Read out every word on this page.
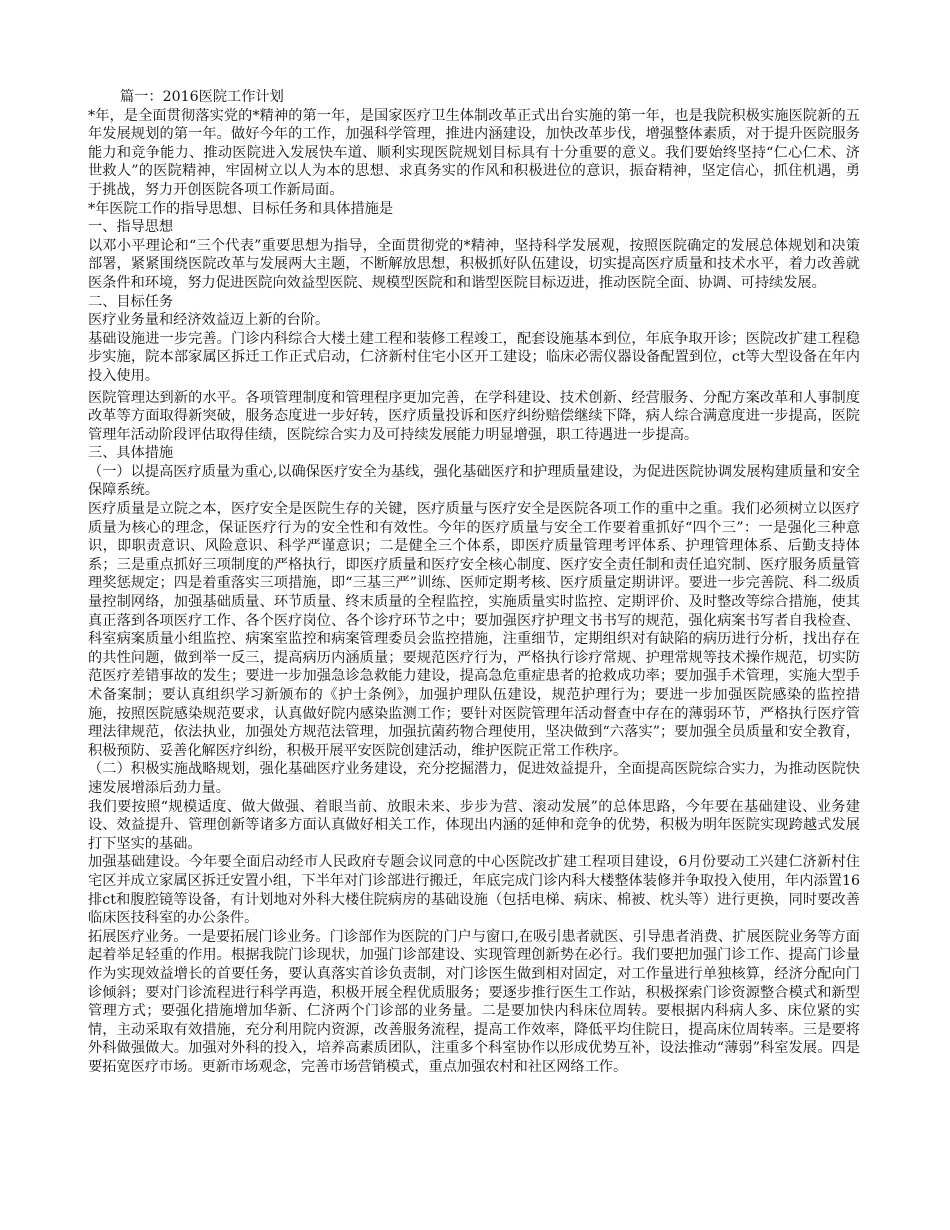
篇一：2016医院工作计划

*年，是全面贯彻落实党的*精神的第一年，是国家医疗卫生体制改革正式出台实施的第一年，也是我院积极实施医院新的五年发展规划的第一年。做好今年的工作，加强科学管理，推进内涵建设，加快改革步伐，增强整体素质，对于提升医院服务能力和竞争能力、推动医院进入发展快车道、顺利实现医院规划目标具有十分重要的意义。我们要始终坚持“仁心仁术、济世救人”的医院精神，牢固树立以人为本的思想、求真务实的作风和积极进位的意识，振奋精神，坚定信心，抓住机遇，勇于挑战，努力开创医院各项工作新局面。

*年医院工作的指导思想、目标任务和具体措施是

一、指导思想

以邓小平理论和“三个代表”重要思想为指导，全面贯彻党的*精神，坚持科学发展观，按照医院确定的发展总体规划和决策部署，紧紧围绕医院改革与发展两大主题，不断解放思想，积极抓好队伍建设，切实提高医疗质量和技术水平，着力改善就医条件和环境，努力促进医院向效益型医院、规模型医院和和谐型医院目标迈进，推动医院全面、协调、可持续发展。

二、目标任务

医疗业务量和经济效益迈上新的台阶。

基础设施进一步完善。门诊内科综合大楼土建工程和装修工程竣工，配套设施基本到位，年底争取开诊；医院改扩建工程稳步实施，院本部家属区拆迁工作正式启动，仁济新村住宅小区开工建设；临床必需仪器设备配置到位，ct等大型设备在年内投入使用。

医院管理达到新的水平。各项管理制度和管理程序更加完善，在学科建设、技术创新、经营服务、分配方案改革和人事制度改革等方面取得新突破，服务态度进一步好转，医疗质量投诉和医疗纠纷赔偿继续下降，病人综合满意度进一步提高，医院管理年活动阶段评估取得佳绩，医院综合实力及可持续发展能力明显增强，职工待遇进一步提高。

三、具体措施

（一）以提高医疗质量为重心,以确保医疗安全为基线，强化基础医疗和护理质量建设，为促进医院协调发展构建质量和安全保障系统。

医疗质量是立院之本，医疗安全是医院生存的关键，医疗质量与医疗安全是医院各项工作的重中之重。我们必须树立以医疗质量为核心的理念，保证医疗行为的安全性和有效性。今年的医疗质量与安全工作要着重抓好“四个三”：一是强化三种意识，即职责意识、风险意识、科学严谨意识；二是健全三个体系，即医疗质量管理考评体系、护理管理体系、后勤支持体系；三是重点抓好三项制度的严格执行，即医疗质量和医疗安全核心制度、医疗安全责任制和责任追究制、医疗服务质量管理奖惩规定；四是着重落实三项措施，即“三基三严”训练、医师定期考核、医疗质量定期讲评。要进一步完善院、科二级质量控制网络，加强基础质量、环节质量、终末质量的全程监控，实施质量实时监控、定期评价、及时整改等综合措施，使其真正落到各项医疗工作、各个医疗岗位、各个诊疗环节之中；要加强医疗护理文书书写的规范，强化病案书写者自我检查、科室病案质量小组监控、病案室监控和病案管理委员会监控措施，注重细节，定期组织对有缺陷的病历进行分析，找出存在的共性问题，做到举一反三，提高病历内涵质量；要规范医疗行为，严格执行诊疗常规、护理常规等技术操作规范，切实防范医疗差错事故的发生；要进一步加强急诊急救能力建设，提高急危重症患者的抢救成功率；要加强手术管理，实施大型手术备案制；要认真组织学习新颁布的《护士条例》，加强护理队伍建设，规范护理行为；要进一步加强医院感染的监控措施，按照医院感染规范要求，认真做好院内感染监测工作；要针对医院管理年活动督查中存在的薄弱环节，严格执行医疗管理法律规范，依法执业，加强处方规范法管理，加强抗菌药物合理使用，坚决做到“六落实”；要加强全员质量和安全教育，积极预防、妥善化解医疗纠纷，积极开展平安医院创建活动，维护医院正常工作秩序。

（二）积极实施战略规划，强化基础医疗业务建设，充分挖掘潜力，促进效益提升，全面提高医院综合实力，为推动医院快速发展增添后劲力量。

我们要按照“规模适度、做大做强、着眼当前、放眼未来、步步为营、滚动发展”的总体思路，今年要在基础建设、业务建设、效益提升、管理创新等诸多方面认真做好相关工作，体现出内涵的延伸和竞争的优势，积极为明年医院实现跨越式发展打下坚实的基础。

加强基础建设。今年要全面启动经市人民政府专题会议同意的中心医院改扩建工程项目建设，6月份要动工兴建仁济新村住宅区并成立家属区拆迁安置小组，下半年对门诊部进行搬迁，年底完成门诊内科大楼整体装修并争取投入使用，年内添置16排ct和腹腔镜等设备，有计划地对外科大楼住院病房的基础设施（包括电梯、病床、棉被、枕头等）进行更换，同时要改善临床医技科室的办公条件。

拓展医疗业务。一是要拓展门诊业务。门诊部作为医院的门户与窗口,在吸引患者就医、引导患者消费、扩展医院业务等方面起着举足轻重的作用。根据我院门诊现状，加强门诊部建设、实现管理创新势在必行。我们要把加强门诊工作、提高门诊量作为实现效益增长的首要任务，要认真落实首诊负责制，对门诊医生做到相对固定，对工作量进行单独核算，经济分配向门诊倾斜；要对门诊流程进行科学再造，积极开展全程优质服务；要逐步推行医生工作站，积极探索门诊资源整合模式和新型管理方式；要强化措施增加华新、仁济两个门诊部的业务量。二是要加快内科床位周转。要根据内科病人多、床位紧的实情，主动采取有效措施，充分利用院内资源，改善服务流程，提高工作效率，降低平均住院日，提高床位周转率。三是要将外科做强做大。加强对外科的投入，培养高素质团队，注重多个科室协作以形成优势互补，设法推动“薄弱”科室发展。四是要拓宽医疗市场。更新市场观念，完善市场营销模式，重点加强农村和社区网络工作。
